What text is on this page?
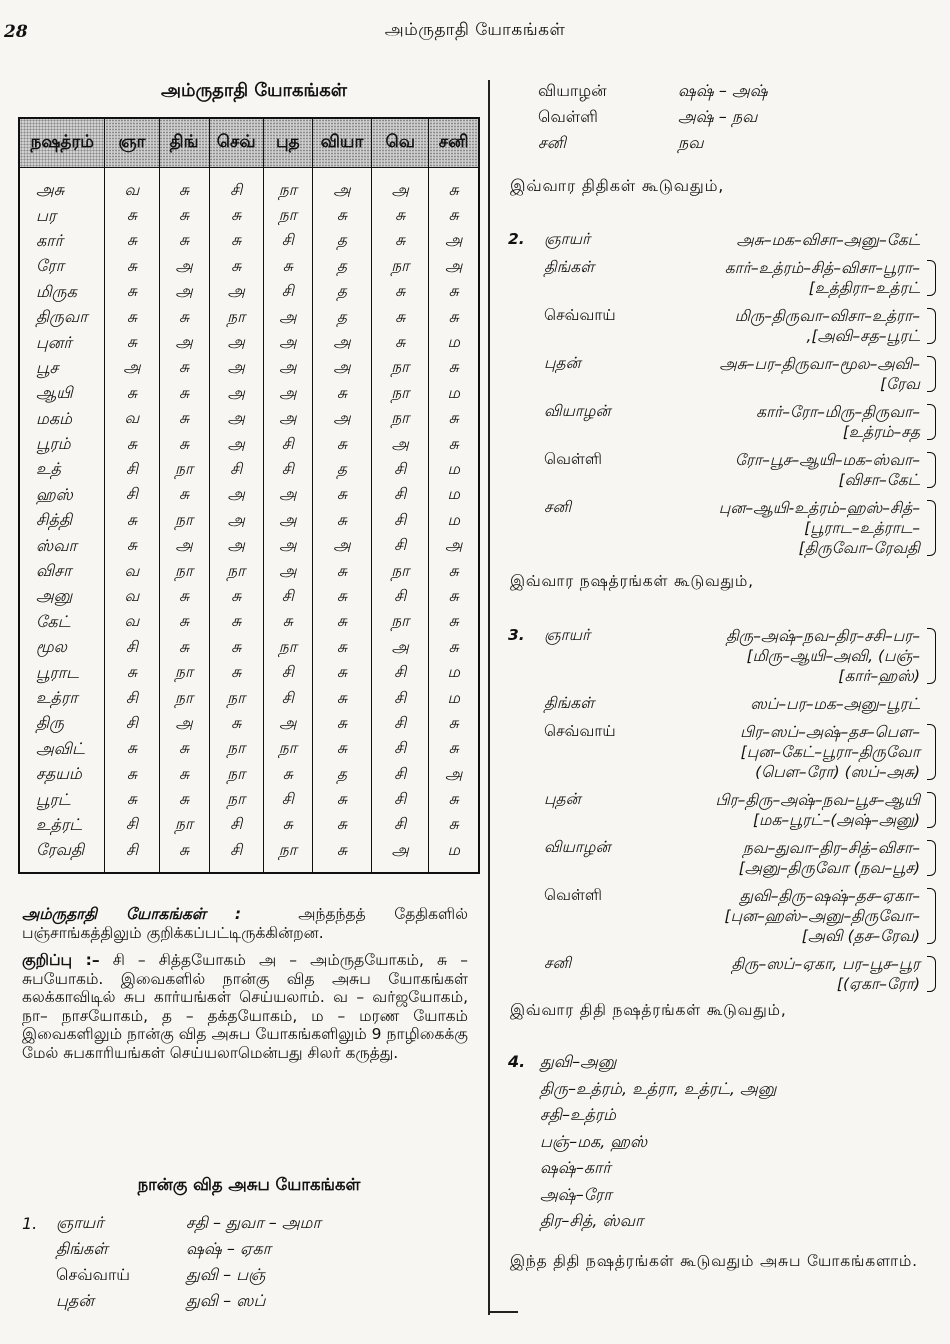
28	அம்ருதாதி யோகங்கள்
அம்ருதாதி யோகங்கள்
நஷத்ரம்	ஞா	திங்	செவ்	புத	வியா	வெ	சனி
அசு	வ	சு	சி	நா	அ	அ	சு
பர	சு	சு	சு	நா	சு	சு	சு
கார்	சு	சு	சு	சி	த	சு	அ
ரோ	சு	அ	சு	சு	த	நா	அ
மிருக	சு	அ	அ	சி	த	சு	சு
திருவா	சு	சு	நா	அ	த	சு	சு
புனர்	சு	அ	அ	அ	அ	சு	ம
பூச	அ	சு	அ	அ	அ	நா	சு
ஆயி	சு	சு	அ	அ	சு	நா	ம
மகம்	வ	சு	அ	அ	அ	நா	சு
பூரம்	சு	சு	அ	சி	சு	அ	சு
உத்	சி	நா	சி	சி	த	சி	ம
ஹஸ்	சி	சு	அ	அ	சு	சி	ம
சித்தி	சு	நா	அ	அ	சு	சி	ம
ஸ்வா	சு	அ	அ	அ	அ	சி	அ
விசா	வ	நா	நா	அ	சு	நா	சு
அனு	வ	சு	சு	சி	சு	சி	சு
கேட்	வ	சு	சு	சு	சு	நா	சு
மூல	சி	சு	சு	நா	சு	அ	சு
பூராட	சு	நா	சு	சி	சு	சி	ம
உத்ரா	சி	நா	நா	சி	சு	சி	ம
திரு	சி	அ	சு	அ	சு	சி	சு
அவிட்	சு	சு	நா	நா	சு	சி	சு
சதயம்	சு	சு	நா	சு	த	சி	அ
பூரட்	சு	சு	நா	சி	சு	சி	சு
உத்ரட்	சி	நா	சி	சு	சு	சி	சு
ரேவதி	சி	சு	சி	நா	சு	அ	ம

அம்ருதாதி யோகங்கள் :	அந்தந்தத் தேதிகளில் பஞ்சாங்கத்திலும் குறிக்கப்பட்டிருக்கின்றன.

குறிப்பு :– சி – சித்தயோகம் அ – அம்ருதயோகம், சு – சுபயோகம். இவைகளில் நான்கு வித அசுப யோகங்கள் கலக்காவிடில் சுப கார்யங்கள் செய்யலாம். வ – வர்ஜயோகம், நா– நாசயோகம், த – தக்தயோகம், ம – மரண யோகம் இவைகளிலும் நான்கு வித அசுப யோகங்களிலும் 9 நாழிகைக்கு மேல் சுபகாரியங்கள் செய்யலாமென்பது சிலர் கருத்து.

நான்கு வித அசுப யோகங்கள்
1.	ஞாயர்	சதி – துவா – அமா
திங்கள்	ஷஷ் – ஏகா
செவ்வாய்	துவி – பஞ்
புதன்	துவி – ஸப்
வியாழன்	ஷஷ் – அஷ்
வெள்ளி	அஷ் – நவ
சனி	நவ
இவ்வார திதிகள் கூடுவதும்,
2.	ஞாயர்	அசு–மக–விசா–அனு–கேட்
திங்கள்	கார்–உத்ரம்–சித்–விசா–பூரா–
[உத்திரா–உத்ரட்
செவ்வாய்	மிரு–திருவா–விசா–உத்ரா–
,[அவி–சத–பூரட்
புதன்	அசு–பர–திருவா–மூல–அவி–
[ரேவ
வியாழன்	கார்–ரோ–மிரு–திருவா–
[உத்ரம்–சத
வெள்ளி	ரோ–பூச–ஆயி–மக–ஸ்வா–
[விசா–கேட்
சனி	புன–ஆயி-உத்ரம்–ஹஸ்–சித்–
[பூராட–உத்ராட–
[திருவோ–ரேவதி
இவ்வார நஷத்ரங்கள் கூடுவதும்,
3.	ஞாயர்	திரு–அஷ்–நவ–திர–சசி–பர–
[மிரு–ஆயி–அவி, (பஞ்–
[கார்–ஹஸ்)
திங்கள்	ஸப்–பர–மக–அனு–பூரட்
செவ்வாய்	பிர–ஸப்–அஷ்–தச–பௌ–
[புன–கேட்–பூரா–திருவோ
(பௌ–ரோ) (ஸப்–அசு)
புதன்	பிர–திரு–அஷ்–நவ–பூச–ஆயி
[மக–பூரட்–(அஷ்–அனு)
வியாழன்	நவ–துவா–திர–சித்–விசா–
[அனு–திருவோ (நவ–பூச)
வெள்ளி	துவி–திரு–ஷஷ்–தச–ஏகா–
[புன–ஹஸ்–அனு–திருவோ–
[அவி (தச–ரேவ)
சனி	திரு–ஸப்–ஏகா, பர–பூச–பூர
[(ஏகா–ரோ)
இவ்வார திதி நஷத்ரங்கள் கூடுவதும்,
4. துவி–அனு
திரு–உத்ரம், உத்ரா, உத்ரட், அனு
சதி–உத்ரம்
பஞ்–மக, ஹஸ்
ஷஷ்–கார்
அஷ்–ரோ
திர–சித், ஸ்வா
இந்த திதி நஷத்ரங்கள் கூடுவதும் அசுப யோகங்களாம்.
